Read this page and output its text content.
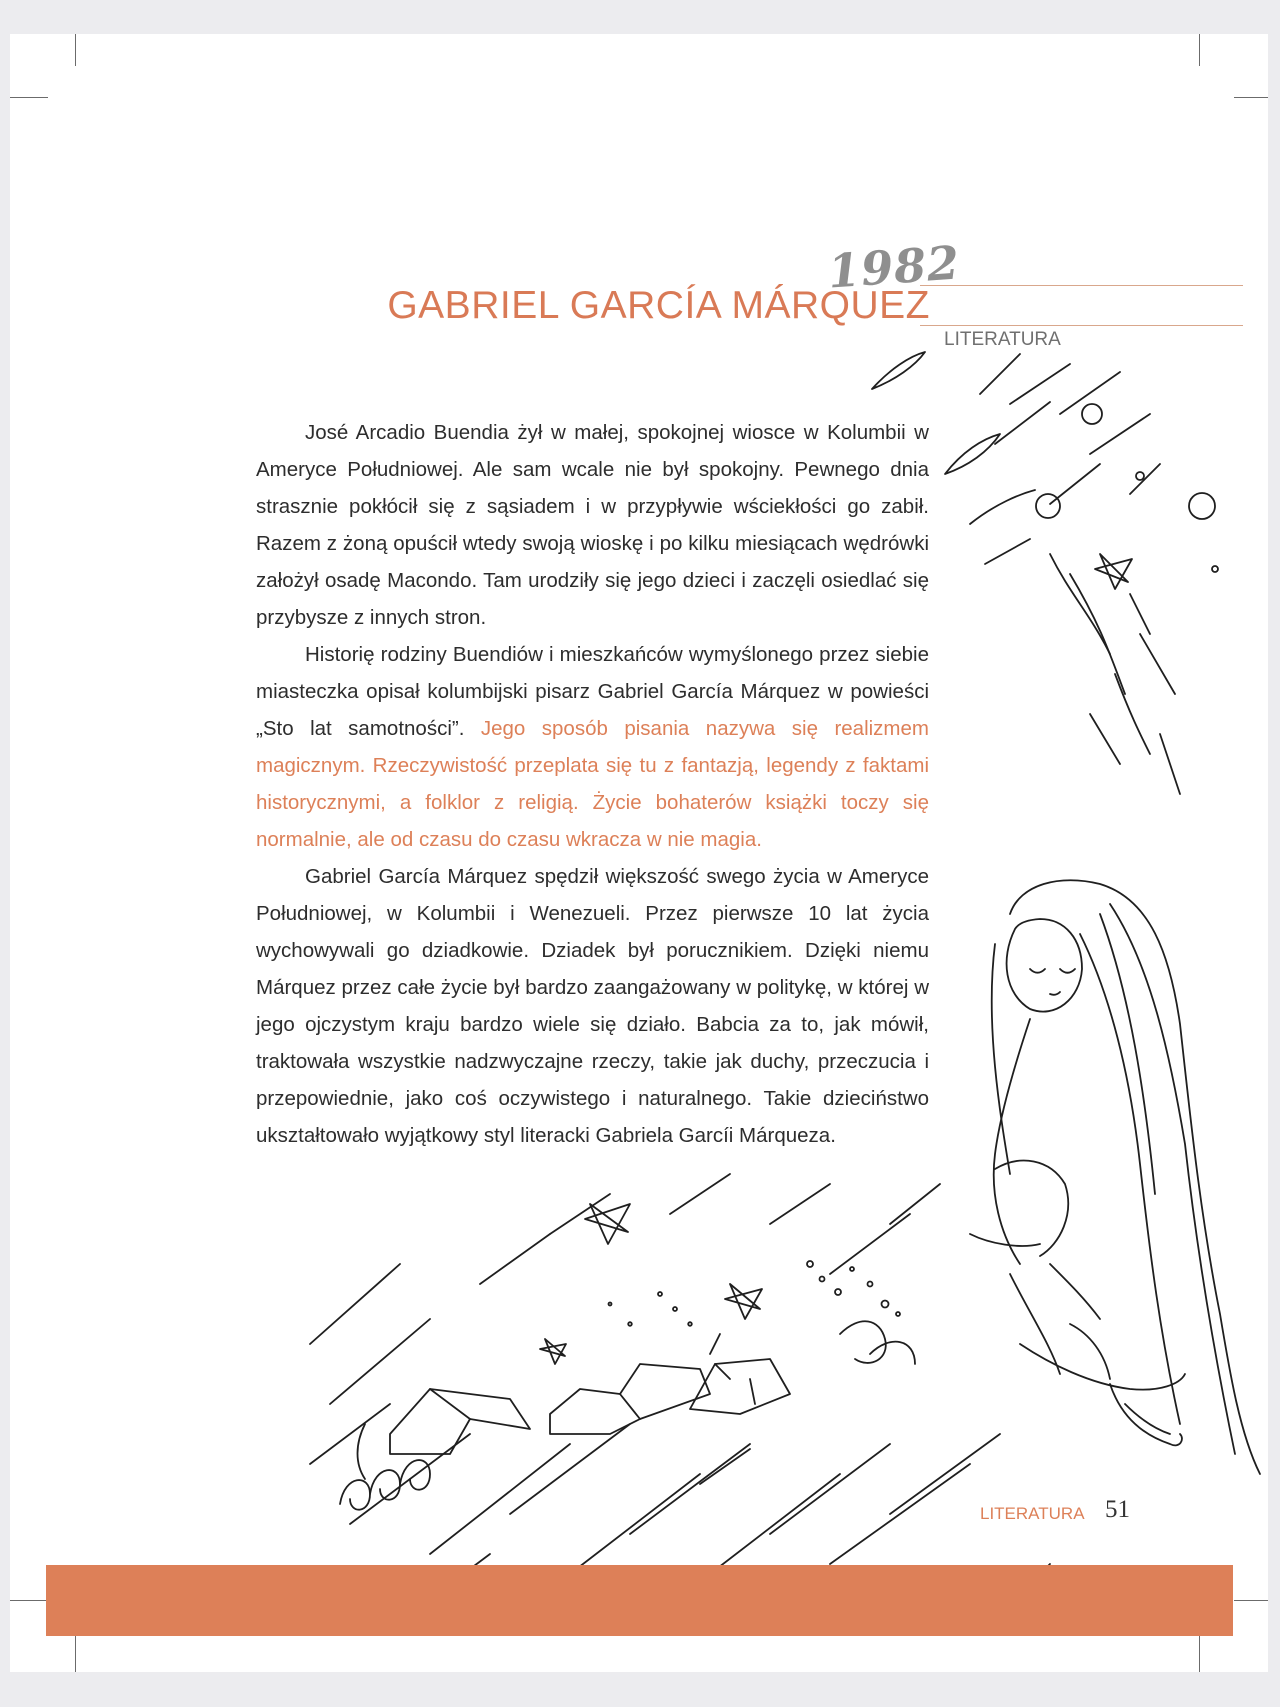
1982
GABRIEL GARCÍA MÁRQUEZ
LITERATURA

José Arcadio Buendia żył w małej, spokojnej wiosce w Kolumbii w Ameryce Południowej. Ale sam wcale nie był spokojny. Pewnego dnia strasznie pokłócił się z sąsiadem i w przypływie wściekłości go zabił. Razem z żoną opuścił wtedy swoją wioskę i po kilku miesiącach wędrówki założył osadę Macondo. Tam urodziły się jego dzieci i zaczęli osiedlać się przybysze z innych stron.

Historię rodziny Buendiów i mieszkańców wymyślonego przez siebie miasteczka opisał kolumbijski pisarz Gabriel García Márquez w powieści „Sto lat samotności”. Jego sposób pisania nazywa się realizmem magicznym. Rzeczywistość przeplata się tu z fantazją, legendy z faktami historycznymi, a folklor z religią. Życie bohaterów książki toczy się normalnie, ale od czasu do czasu wkracza w nie magia.

Gabriel García Márquez spędził większość swego życia w Ameryce Południowej, w Kolumbii i Wenezueli. Przez pierwsze 10 lat życia wychowywali go dziadkowie. Dziadek był porucznikiem. Dzięki niemu Márquez przez całe życie był bardzo zaangażowany w politykę, w której w jego ojczystym kraju bardzo wiele się działo. Babcia za to, jak mówił, traktowała wszystkie nadzwyczajne rzeczy, takie jak duchy, przeczucia i przepowiednie, jako coś oczywistego i naturalnego. Takie dzieciństwo ukształtowało wyjątkowy styl literacki Gabriela Garcíi Márqueza.

LITERATURA 51
